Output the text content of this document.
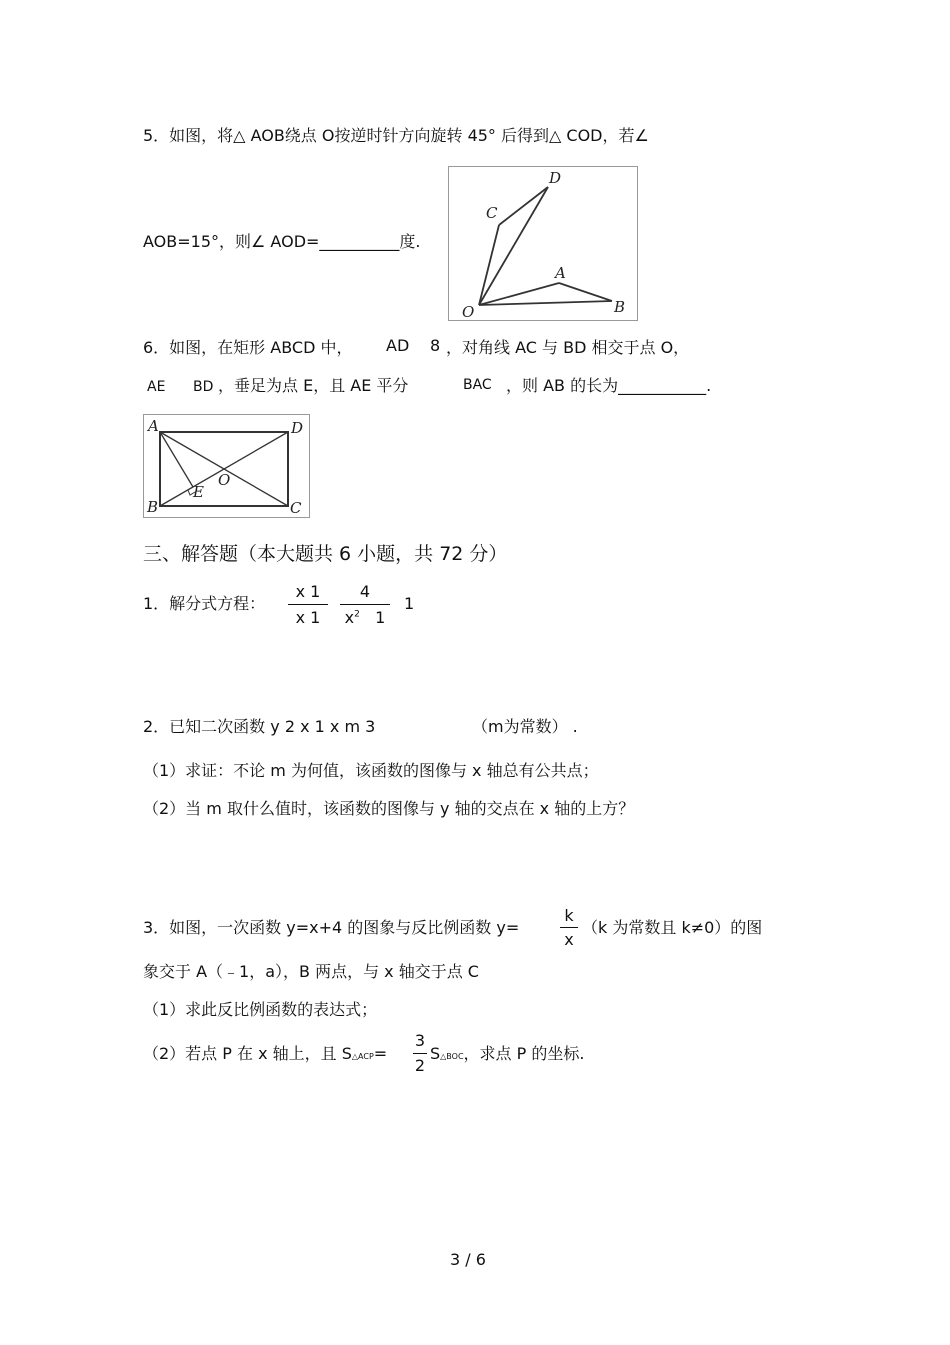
5．如图，将△ AOB绕点 O按逆时针方向旋转 45° 后得到△ COD，若∠
C
D
A
B
O
AOB=15°，则∠ AOD=__________度.
6．如图，在矩形 ABCD 中， AD 8 ，对角线 AC 与 BD 相交于点 O，
AE BD ，垂足为点 E，且 AE 平分	BAC ，则 AB 的长为___________.
A	D
B	C
E
O
三、解答题（本大题共 6 小题，共 72 分）
1．解分式方程：
x 1
x 1
4
$x^2$ 1
1
2．已知二次函数 y 2 x 1 x m 3	（m为常数） .
（1）求证：不论 m 为何值，该函数的图像与 x 轴总有公共点；
（2）当 m 取什么值时，该函数的图像与 y 轴的交点在 x 轴的上方？
3．如图，一次函数 y=x+4 的图象与反比例函数 y=
k
x
（k 为常数且 k≠0）的图
象交于 A（﹣1，a），B 两点，与 x 轴交于点 C
（1）求此反比例函数的表达式；
（2）若点 P 在 x 轴上，且 S△ACP=
3
2
S△BOC，求点 P 的坐标.
3 / 6
